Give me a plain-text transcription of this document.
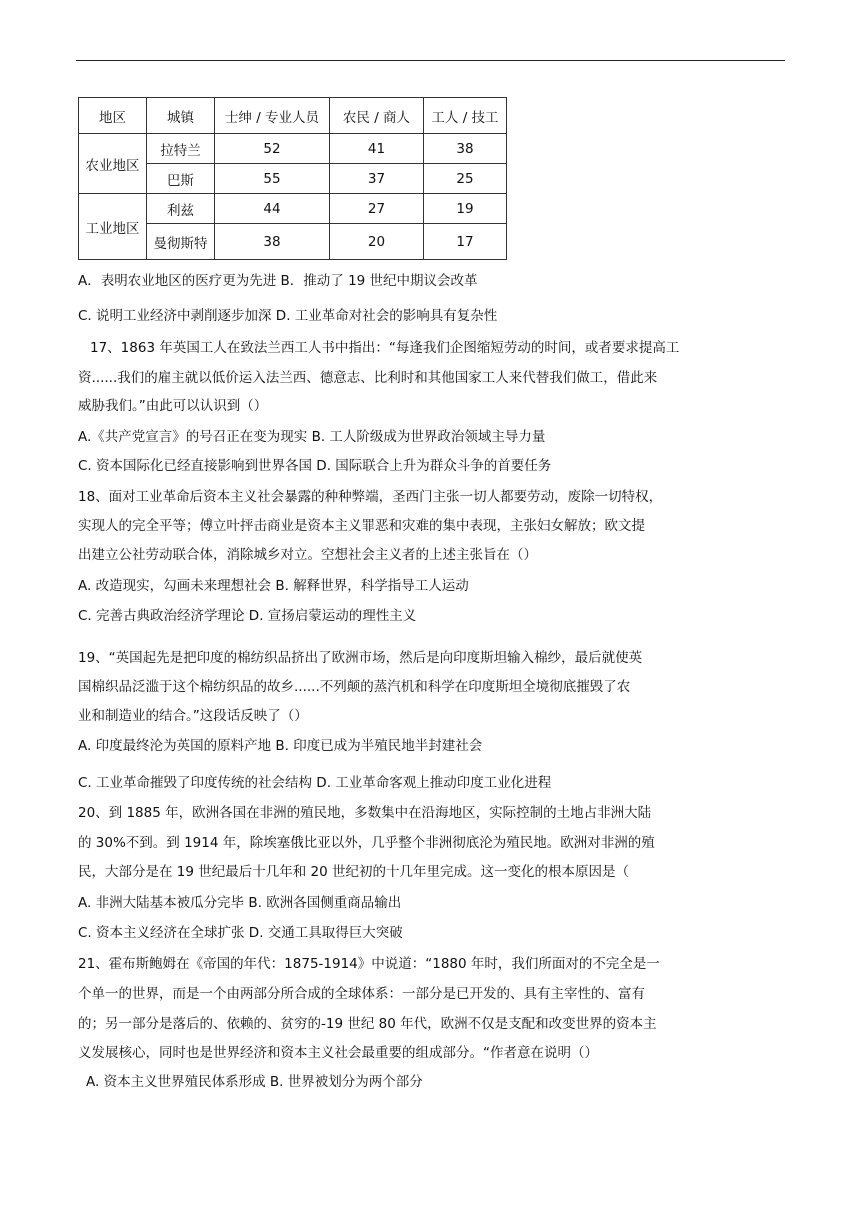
地区	城镇	士绅 / 专业人员	农民 / 商人	工人 / 技工
农业地区	拉特兰	52	41	38
	巴斯	55	37	25
工业地区	利兹	44	27	19
	曼彻斯特	38	20	17
A．表明农业地区的医疗更为先进 B．推动了 19 世纪中期议会改革
C. 说明工业经济中剥削逐步加深 D. 工业革命对社会的影响具有复杂性
17、1863 年英国工人在致法兰西工人书中指出：“每逢我们企图缩短劳动的时间，或者要求提高工
资......我们的雇主就以低价运入法兰西、德意志、比利时和其他国家工人来代替我们做工，借此来
威胁我们。”由此可以认识到（）
A.《共产党宣言》的号召正在变为现实 B. 工人阶级成为世界政治领域主导力量
C. 资本国际化已经直接影响到世界各国 D. 国际联合上升为群众斗争的首要任务
18、面对工业革命后资本主义社会暴露的种种弊端，圣西门主张一切人都要劳动，废除一切特权，
实现人的完全平等；傅立叶抨击商业是资本主义罪恶和灾难的集中表现，主张妇女解放；欧文提
出建立公社劳动联合体，消除城乡对立。空想社会主义者的上述主张旨在（）
A. 改造现实，勾画未来理想社会 B. 解释世界，科学指导工人运动
C. 完善古典政治经济学理论 D. 宣扬启蒙运动的理性主义
19、“英国起先是把印度的棉纺织品挤出了欧洲市场，然后是向印度斯坦输入棉纱，最后就使英
国棉织品泛滥于这个棉纺织品的故乡......不列颠的蒸汽机和科学在印度斯坦全境彻底摧毁了农
业和制造业的结合。”这段话反映了（）
A. 印度最终沦为英国的原料产地 B. 印度已成为半殖民地半封建社会
C. 工业革命摧毁了印度传统的社会结构 D. 工业革命客观上推动印度工业化进程
20、到 1885 年，欧洲各国在非洲的殖民地，多数集中在沿海地区，实际控制的土地占非洲大陆
的 30%不到。到 1914 年，除埃塞俄比亚以外，几乎整个非洲彻底沦为殖民地。欧洲对非洲的殖
民，大部分是在 19 世纪最后十几年和 20 世纪初的十几年里完成。这一变化的根本原因是（
A. 非洲大陆基本被瓜分完毕 B. 欧洲各国侧重商品输出
C. 资本主义经济在全球扩张 D. 交通工具取得巨大突破
21、霍布斯鲍姆在《帝国的年代：1875-1914》中说道：“1880 年时，我们所面对的不完全是一
个单一的世界，而是一个由两部分所合成的全球体系：一部分是已开发的、具有主宰性的、富有
的；另一部分是落后的、依赖的、贫穷的-19 世纪 80 年代，欧洲不仅是支配和改变世界的资本主
义发展核心，同时也是世界经济和资本主义社会最重要的组成部分。“作者意在说明（）
A. 资本主义世界殖民体系形成 B. 世界被划分为两个部分
